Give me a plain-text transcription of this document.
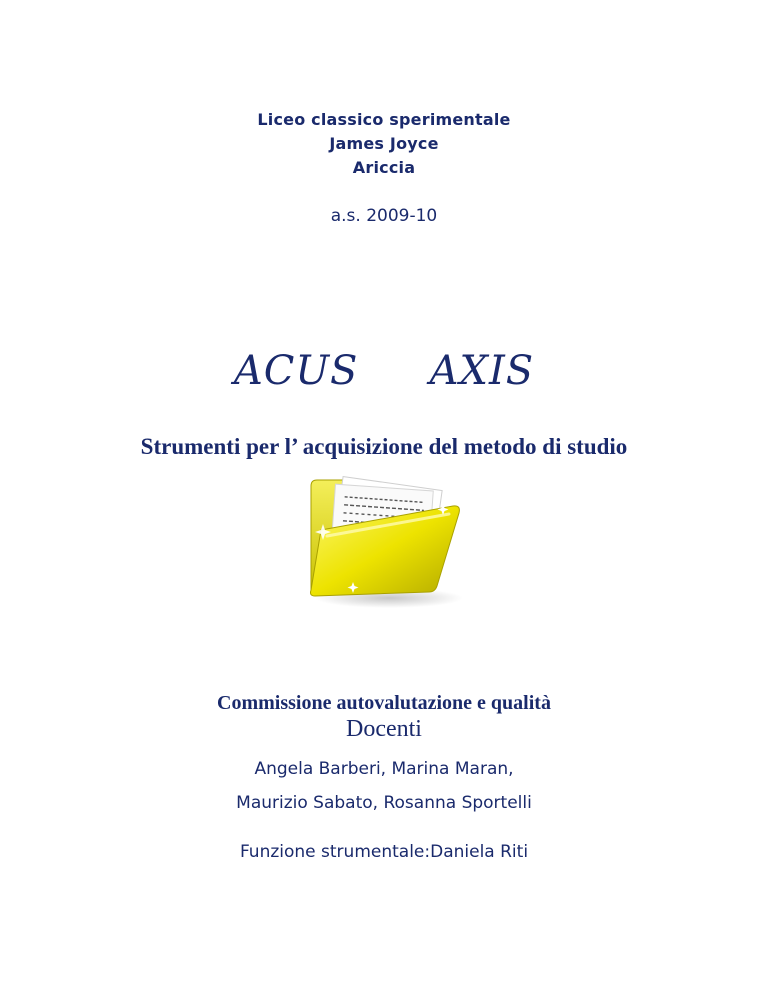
Liceo classico sperimentale
James Joyce
Ariccia
a.s. 2009-10
ACUS   AXIS
Strumenti per l’ acquisizione del metodo di studio
Commissione autovalutazione e qualità
Docenti
Angela Barberi, Marina Maran,
Maurizio Sabato, Rosanna Sportelli
Funzione strumentale:Daniela Riti
